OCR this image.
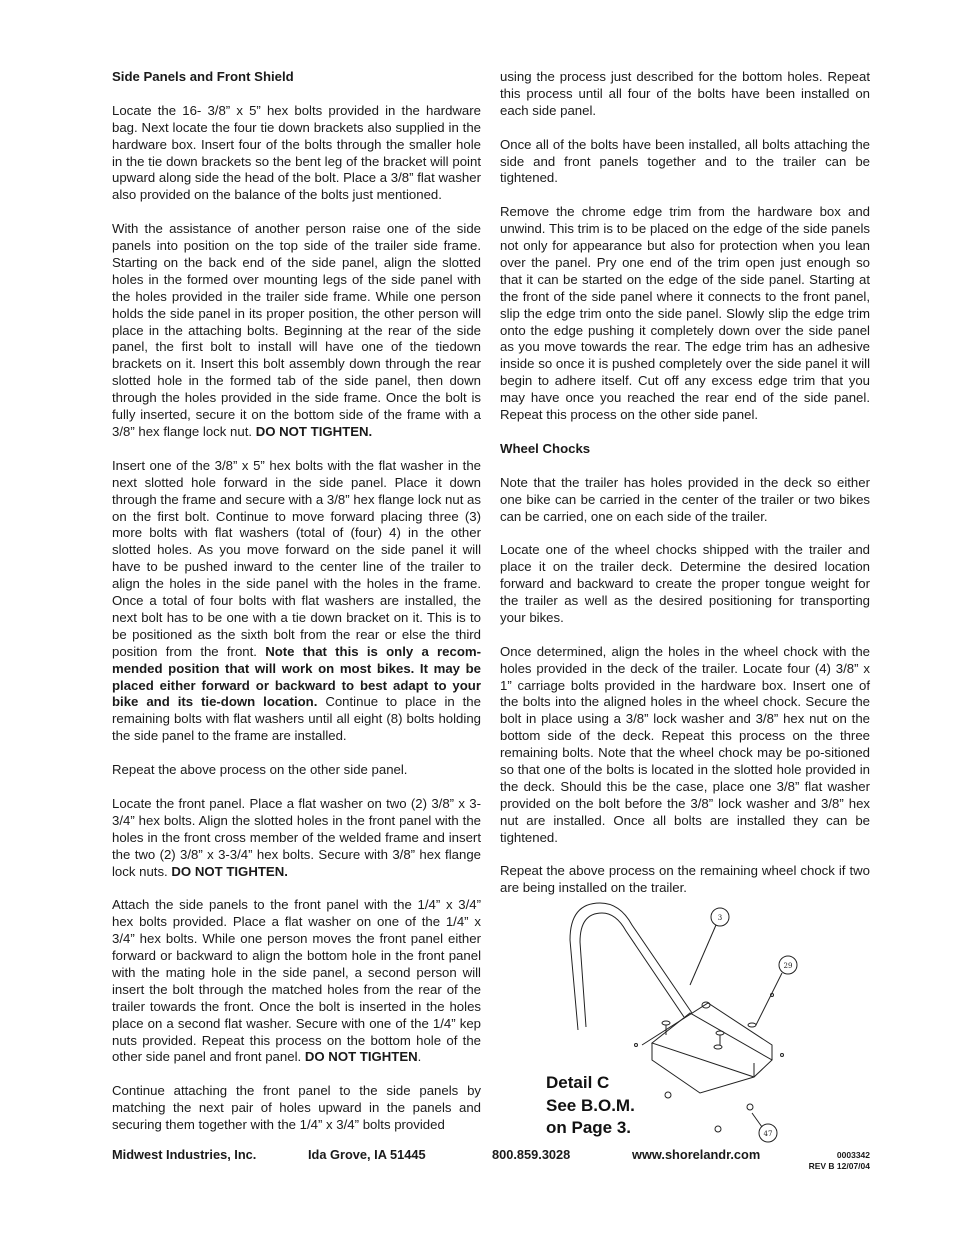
Side Panels and Front Shield

Locate the 16- 3/8” x 5” hex bolts provided in the hardware bag. Next locate the four tie down brackets also supplied in the hardware box. Insert four of the bolts through the smaller hole in the tie down brackets so the bent leg of the bracket will point upward along side the head of the bolt. Place a 3/8” flat washer also provided on the balance of the bolts just mentioned.

With the assistance of another person raise one of the side panels into position on the top side of the trailer side frame. Starting on the back end of the side panel, align the slotted holes in the formed over mounting legs of the side panel with the holes provided in the trailer side frame. While one person holds the side panel in its proper position, the other person will place in the attaching bolts. Beginning at the rear of the side panel, the first bolt to install will have one of the tiedown brackets on it. Insert this bolt assembly down through the rear slotted hole in the formed tab of the side panel, then down through the holes provided in the side frame. Once the bolt is fully inserted, secure it on the bottom side of the frame with a 3/8” hex flange lock nut. DO NOT TIGHTEN.

Insert one of the 3/8” x 5” hex bolts with the flat washer in the next slotted hole forward in the side panel. Place it down through the frame and secure with a 3/8” hex flange lock nut as on the first bolt. Continue to move forward placing three (3) more bolts with flat washers (total of (four) 4) in the other slotted holes. As you move forward on the side panel it will have to be pushed inward to the center line of the trailer to align the holes in the side panel with the holes in the frame. Once a total of four bolts with flat washers are installed, the next bolt has to be one with a tie down bracket on it. This is to be positioned as the sixth bolt from the rear or else the third position from the front. Note that this is only a recom-mended position that will work on most bikes. It may be placed either forward or backward to best adapt to your bike and its tie-down location. Continue to place in the remaining bolts with flat washers until all eight (8) bolts holding the side panel to the frame are installed.

Repeat the above process on the other side panel.

Locate the front panel. Place a flat washer on two (2) 3/8” x 3-3/4” hex bolts. Align the slotted holes in the front panel with the holes in the front cross member of the welded frame and insert the two (2) 3/8” x 3-3/4” hex bolts. Secure with 3/8” hex flange lock nuts. DO NOT TIGHTEN.

Attach the side panels to the front panel with the 1/4” x 3/4” hex bolts provided. Place a flat washer on one of the 1/4” x 3/4” hex bolts. While one person moves the front panel either forward or backward to align the bottom hole in the front panel with the mating hole in the side panel, a second person will insert the bolt through the matched holes from the rear of the trailer towards the front. Once the bolt is inserted in the holes place on a second flat washer. Secure with one of the 1/4” kep nuts provided. Repeat this process on the bottom hole of the other side panel and front panel. DO NOT TIGHTEN.

Continue attaching the front panel to the side panels by matching the next pair of holes upward in the panels and securing them together with the 1/4” x 3/4” bolts provided

using the process just described for the bottom holes. Repeat this process until all four of the bolts have been installed on each side panel.

Once all of the bolts have been installed, all bolts attaching the side and front panels together and to the trailer can be tightened.

Remove the chrome edge trim from the hardware box and unwind. This trim is to be placed on the edge of the side panels not only for appearance but also for protection when you lean over the panel. Pry one end of the trim open just enough so that it can be started on the edge of the side panel. Starting at the front of the side panel where it connects to the front panel, slip the edge trim onto the side panel. Slowly slip the edge trim onto the edge pushing it completely down over the side panel as you move towards the rear. The edge trim has an adhesive inside so once it is pushed completely over the side panel it will begin to adhere itself. Cut off any excess edge trim that you may have once you reached the rear end of the side panel. Repeat this process on the other side panel.

Wheel Chocks

Note that the trailer has holes provided in the deck so either one bike can be carried in the center of the trailer or two bikes can be carried, one on each side of the trailer.

Locate one of the wheel chocks shipped with the trailer and place it on the trailer deck. Determine the desired location forward and backward to create the proper tongue weight for the trailer as well as the desired positioning for transporting your bikes.

Once determined, align the holes in the wheel chock with the holes provided in the deck of the trailer. Locate four (4) 3/8” x 1” carriage bolts provided in the hardware box. Insert one of the bolts into the aligned holes in the wheel chock. Secure the bolt in place using a 3/8” lock washer and 3/8” hex nut on the bottom side of the deck. Repeat this process on the three remaining bolts. Note that the wheel chock may be po-sitioned so that one of the bolts is located in the slotted hole provided in the deck. Should this be the case, place one 3/8” flat washer provided on the bolt before the 3/8” lock washer and 3/8” hex nut are installed. Once all bolts are installed they can be tightened.

Repeat the above process on the remaining wheel chock if two are being installed on the trailer.

3
29
47
Detail C
See B.O.M.
on Page 3.
Midwest Industries, Inc.	Ida Grove, IA 51445	800.859.3028	www.shorelandr.com	0003342
REV B 12/07/04
